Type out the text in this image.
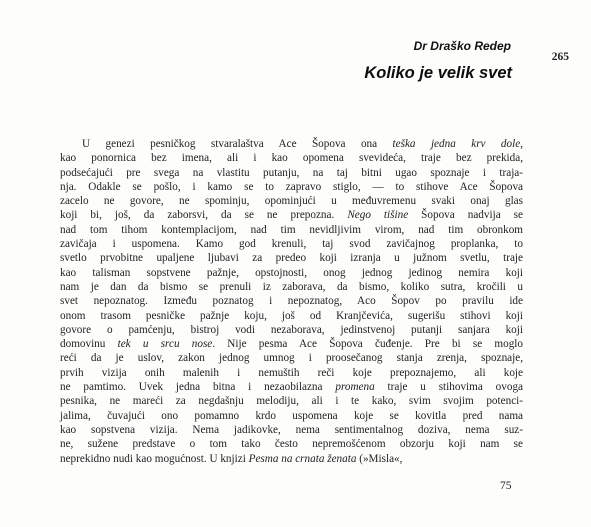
Dr Draško Redep

265
Koliko je velik svet
U genezi pesničkog stvaralaštva Ace Šopova ona teška jedna krv dole,
kao ponornica bez imena, ali i kao opomena svevideća, traje bez prekida,
podsećajući pre svega na vlastitu putanju, na taj bitni ugao spoznaje i traja-
nja. Odakle se pošlo, i kamo se to zapravo stiglo, — to stihove Ace Šopova
zacelo ne govore, ne spominju, opominjući u međuvremenu svaki onaj glas
koji bi, još, da zaborsvi, da se ne prepozna. Nego tišine Šopova nadvija se
nad tom tihom kontemplacijom, nad tim nevidljivim virom, nad tim obronkom
zavičaja i uspomena. Kamo god krenuli, taj svod zavičajnog proplanka, to
svetlo prvobitne upaljene ljubavi za predeo koji izranja u južnom svetlu, traje
kao talisman sopstvene pažnje, opstojnosti, onog jednog jedinog nemira koji
nam je dan da bismo se prenuli iz zaborava, da bismo, koliko sutra, kročili u
svet nepoznatog. Između poznatog i nepoznatog, Aco Šopov po pravilu ide
onom trasom pesničke pažnje koju, još od Kranjčevića, sugerišu stihovi koji
govore o pamćenju, bistroj vodi nezaborava, jedinstvenoj putanji sanjara koji
domovinu tek u srcu nose. Nije pesma Ace Šopova čuđenje. Pre bi se moglo
reći da je uslov, zakon jednog umnog i proosečanog stanja zrenja, spoznaje,
prvih vizija onih malenih i nemuštih reči koje prepoznajemo, ali koje
ne pamtimo. Uvek jedna bitna i nezaobilazna promena traje u stihovima ovoga
pesnika, ne mareći za negdašnju melodiju, ali i te kako, svim svojim potenci-
jalima, čuvajući ono pomamno krdo uspomena koje se kovitla pred nama
kao sopstvena vizija. Nema jadikovke, nema sentimentalnog doziva, nema suz-
ne, sužene predstave o tom tako često nepremošćenom obzorju koji nam se
neprekidno nudi kao mogućnost. U knjizi Pesma na crnata ženata (»Misla«,
75
